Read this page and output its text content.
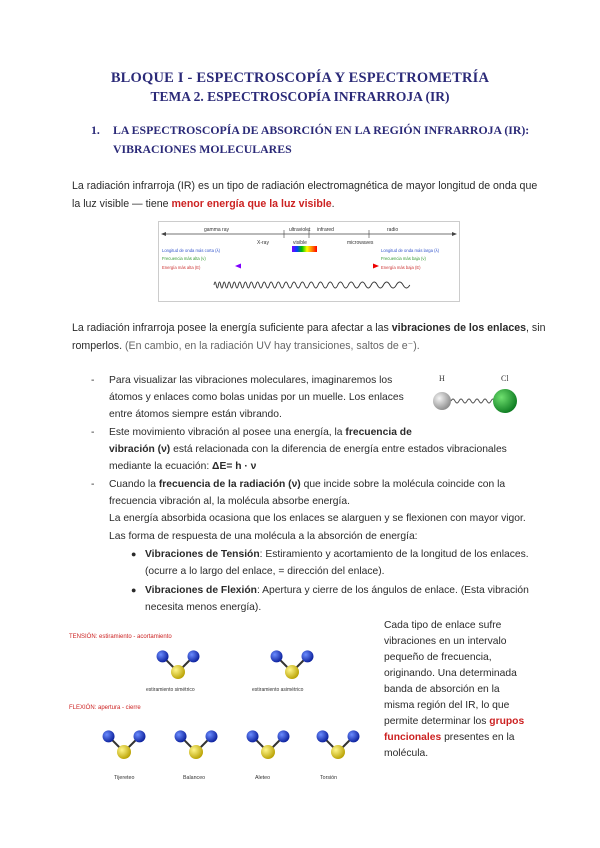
BLOQUE I - ESPECTROSCOPÍA Y ESPECTROMETRÍA
TEMA 2. ESPECTROSCOPÍA INFRARROJA (IR)
1.	LA ESPECTROSCOPÍA DE ABSORCIÓN EN LA REGIÓN INFRARROJA (IR):
VIBRACIONES MOLECULARES
La radiación infrarroja (IR) es un tipo de radiación electromagnética de mayor longitud de onda que
la luz visible — tiene menor energía que la luz visible.
gamma ray	ultraviolet infrared	radio
X-ray	visible	microwaves
Longitud de onda más corta (λ)
Frecuencia más alta (ν)
Energía más alta (E)
Longitud de onda más larga (λ)
Frecuencia más baja (ν)
Energía más baja (E)
La radiación infrarroja posee la energía suficiente para afectar a las vibraciones de los enlaces, sin
romperlos. (En cambio, en la radiación UV hay transiciones, saltos de e⁻).
H	Cl
- Para visualizar las vibraciones moleculares, imaginaremos los
átomos y enlaces como bolas unidas por un muelle. Los enlaces
entre átomos siempre están vibrando.
- Este movimiento vibración al posee una energía, la frecuencia de
vibración (ν) está relacionada con la diferencia de energía entre estados vibracionales
mediante la ecuación: ΔE= h · ν
- Cuando la frecuencia de la radiación (ν) que incide sobre la molécula coincide con la
frecuencia vibración al, la molécula absorbe energía.
La energía absorbida ocasiona que los enlaces se alarguen y se flexionen con mayor vigor.
Las forma de respuesta de una molécula a la absorción de energía:
● Vibraciones de Tensión: Estiramiento y acortamiento de la longitud de los enlaces.
(ocurre a lo largo del enlace, = dirección del enlace).
● Vibraciones de Flexión: Apertura y cierre de los ángulos de enlace. (Esta vibración
necesita menos energía).
TENSIÓN: estiramiento - acortamiento
FLEXIÓN: apertura - cierre
estiramiento simétrico	estiramiento asimétrico
Tijereteo	Balanceo	Aleteo	Torsión
Cada tipo de enlace sufre
vibraciones en un intervalo
pequeño de frecuencia,
originando. Una determinada
banda de absorción en la
misma región del IR, lo que
permite determinar los grupos
funcionales presentes en la
molécula.
